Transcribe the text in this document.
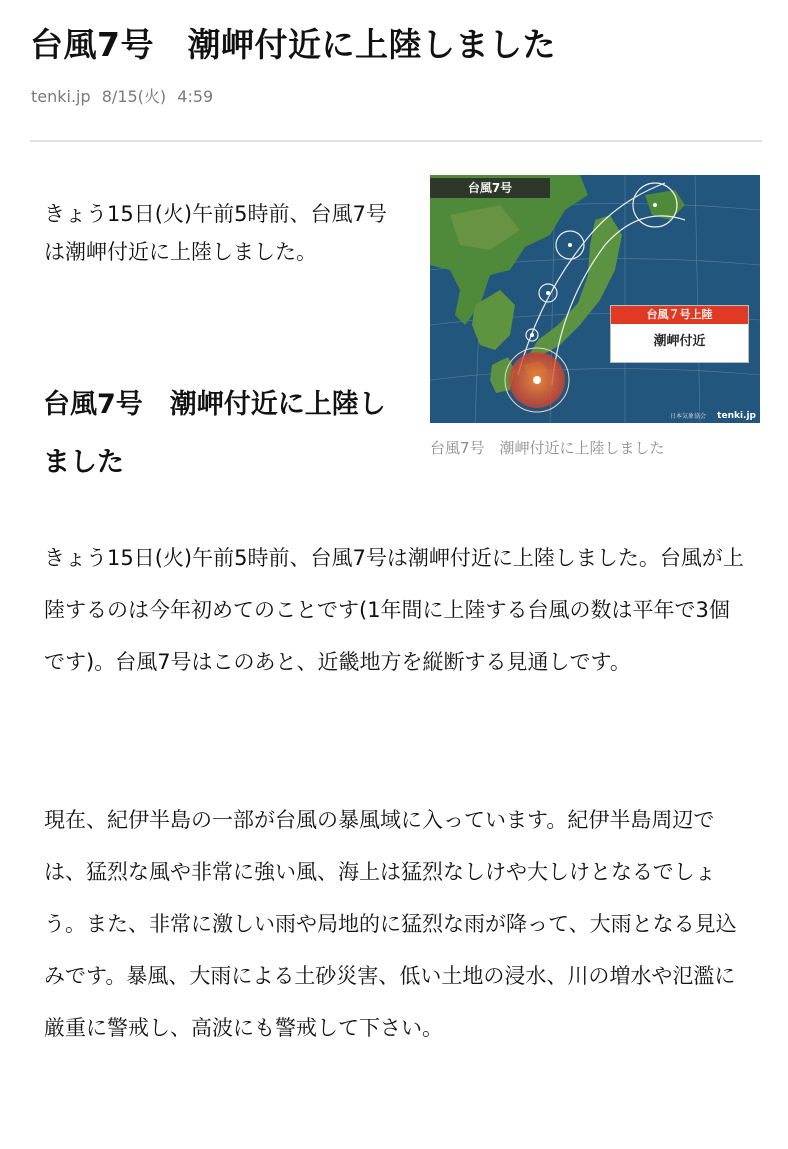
台風7号　潮岬付近に上陸しました
tenki.jp 8/15(火) 4:59
台風7号
台風７号上陸
潮岬付近
日本気象協会 tenki.jp
台風7号　潮岬付近に上陸しました

きょう15日(火)午前5時前、台風7号は潮岬付近に上陸しました。

台風7号　潮岬付近に上陸しました

きょう15日(火)午前5時前、台風7号は潮岬付近に上陸しました。台風が上陸するのは今年初めてのことです(1年間に上陸する台風の数は平年で3個です)。台風7号はこのあと、近畿地方を縦断する見通しです。

現在、紀伊半島の一部が台風の暴風域に入っています。紀伊半島周辺では、猛烈な風や非常に強い風、海上は猛烈なしけや大しけとなるでしょう。また、非常に激しい雨や局地的に猛烈な雨が降って、大雨となる見込みです。暴風、大雨による土砂災害、低い土地の浸水、川の増水や氾濫に厳重に警戒し、高波にも警戒して下さい。
